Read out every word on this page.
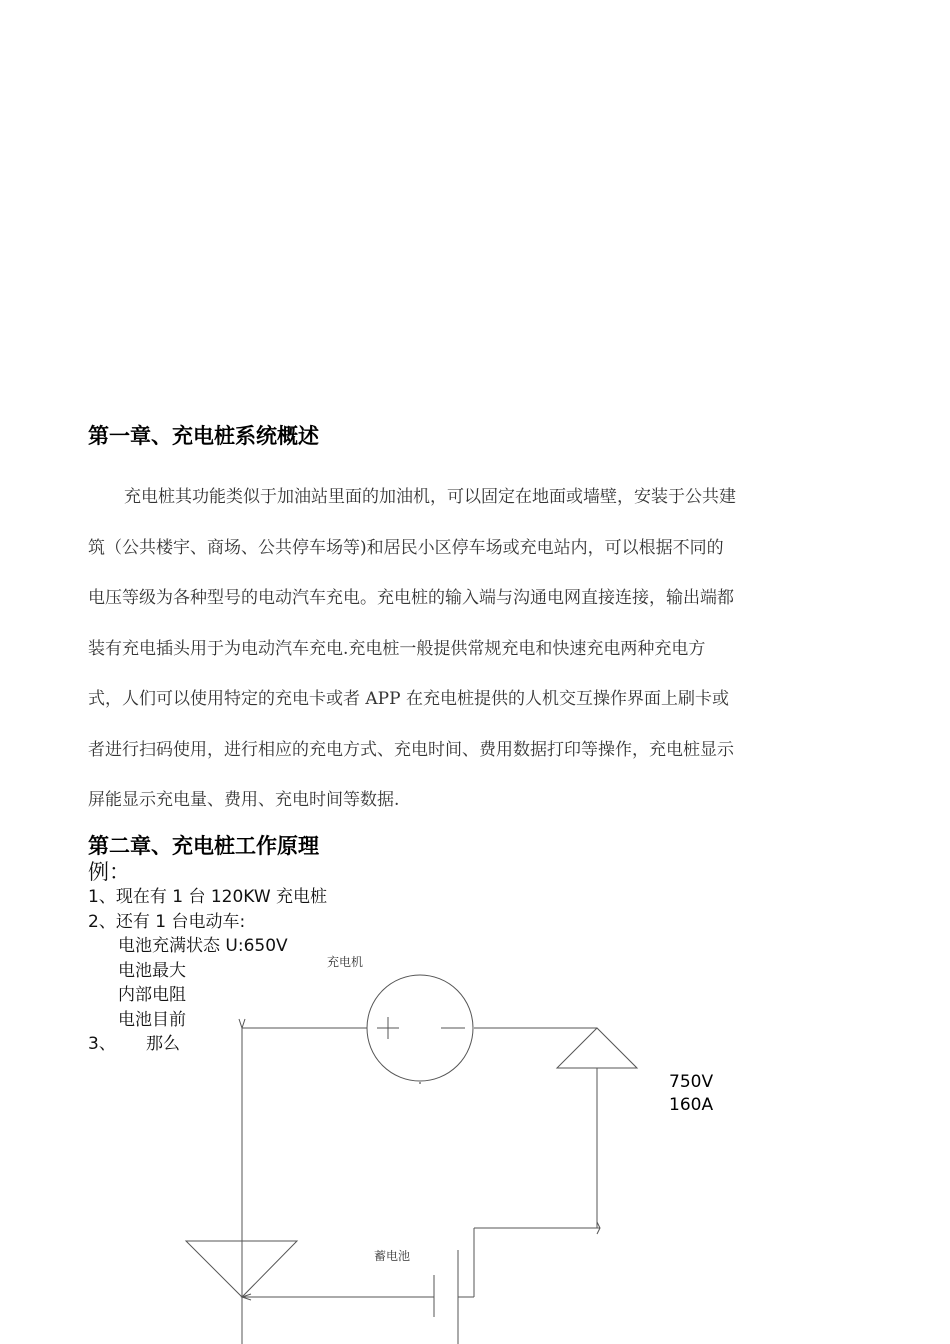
第一章、充电桩系统概述
充电桩其功能类似于加油站里面的加油机，可以固定在地面或墙壁，安装于公共建
筑（公共楼宇、商场、公共停车场等)和居民小区停车场或充电站内，可以根据不同的
电压等级为各种型号的电动汽车充电。充电桩的输入端与沟通电网直接连接，输出端都
装有充电插头用于为电动汽车充电.充电桩一般提供常规充电和快速充电两种充电方
式，人们可以使用特定的充电卡或者 APP 在充电桩提供的人机交互操作界面上刷卡或
者进行扫码使用，进行相应的充电方式、充电时间、费用数据打印等操作，充电桩显示
屏能显示充电量、费用、充电时间等数据.
第二章、充电桩工作原理
例：
1、现在有 1 台 120KW 充电桩
2、还有 1 台电动车:
电池充满状态 U:650V
电池最大
内部电阻
电池目前
3、 那么
充电机
蓄电池
750V
160A
